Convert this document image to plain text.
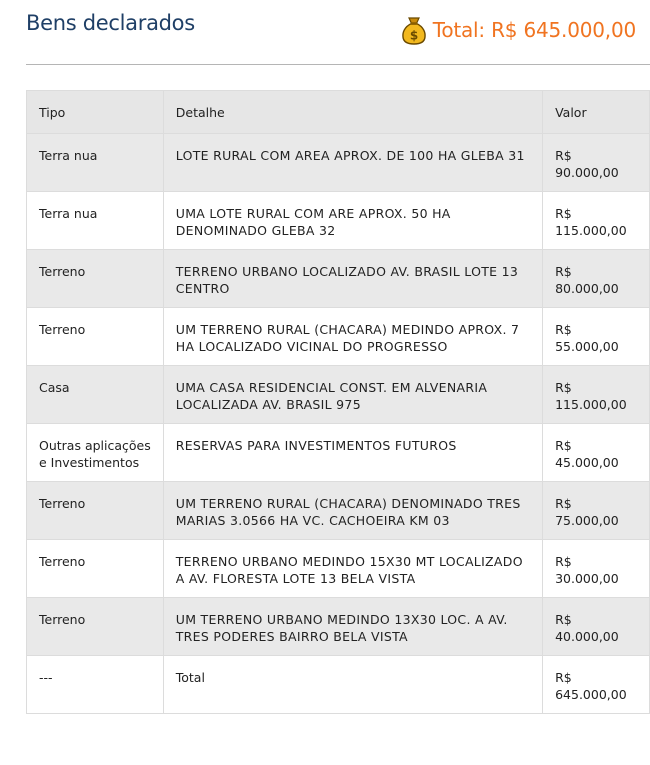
Bens declarados
$ Total: R$ 645.000,00
Tipo	Detalhe	Valor
Terra nua	LOTE RURAL COM AREA APROX. DE 100 HA GLEBA 31	R$ 90.000,00
Terra nua	UMA LOTE RURAL COM ARE APROX. 50 HA DENOMINADO GLEBA 32	R$ 115.000,00
Terreno	TERRENO URBANO LOCALIZADO AV. BRASIL LOTE 13 CENTRO	R$ 80.000,00
Terreno	UM TERRENO RURAL (CHACARA) MEDINDO APROX. 7 HA LOCALIZADO VICINAL DO PROGRESSO	R$ 55.000,00
Casa	UMA CASA RESIDENCIAL CONST. EM ALVENARIA LOCALIZADA AV. BRASIL 975	R$ 115.000,00
Outras aplicações e Investimentos	RESERVAS PARA INVESTIMENTOS FUTUROS	R$ 45.000,00
Terreno	UM TERRENO RURAL (CHACARA) DENOMINADO TRES MARIAS 3.0566 HA VC. CACHOEIRA KM 03	R$ 75.000,00
Terreno	TERRENO URBANO MEDINDO 15X30 MT LOCALIZADO A AV. FLORESTA LOTE 13 BELA VISTA	R$ 30.000,00
Terreno	UM TERRENO URBANO MEDINDO 13X30 LOC. A AV. TRES PODERES BAIRRO BELA VISTA	R$ 40.000,00
---	Total	R$ 645.000,00
